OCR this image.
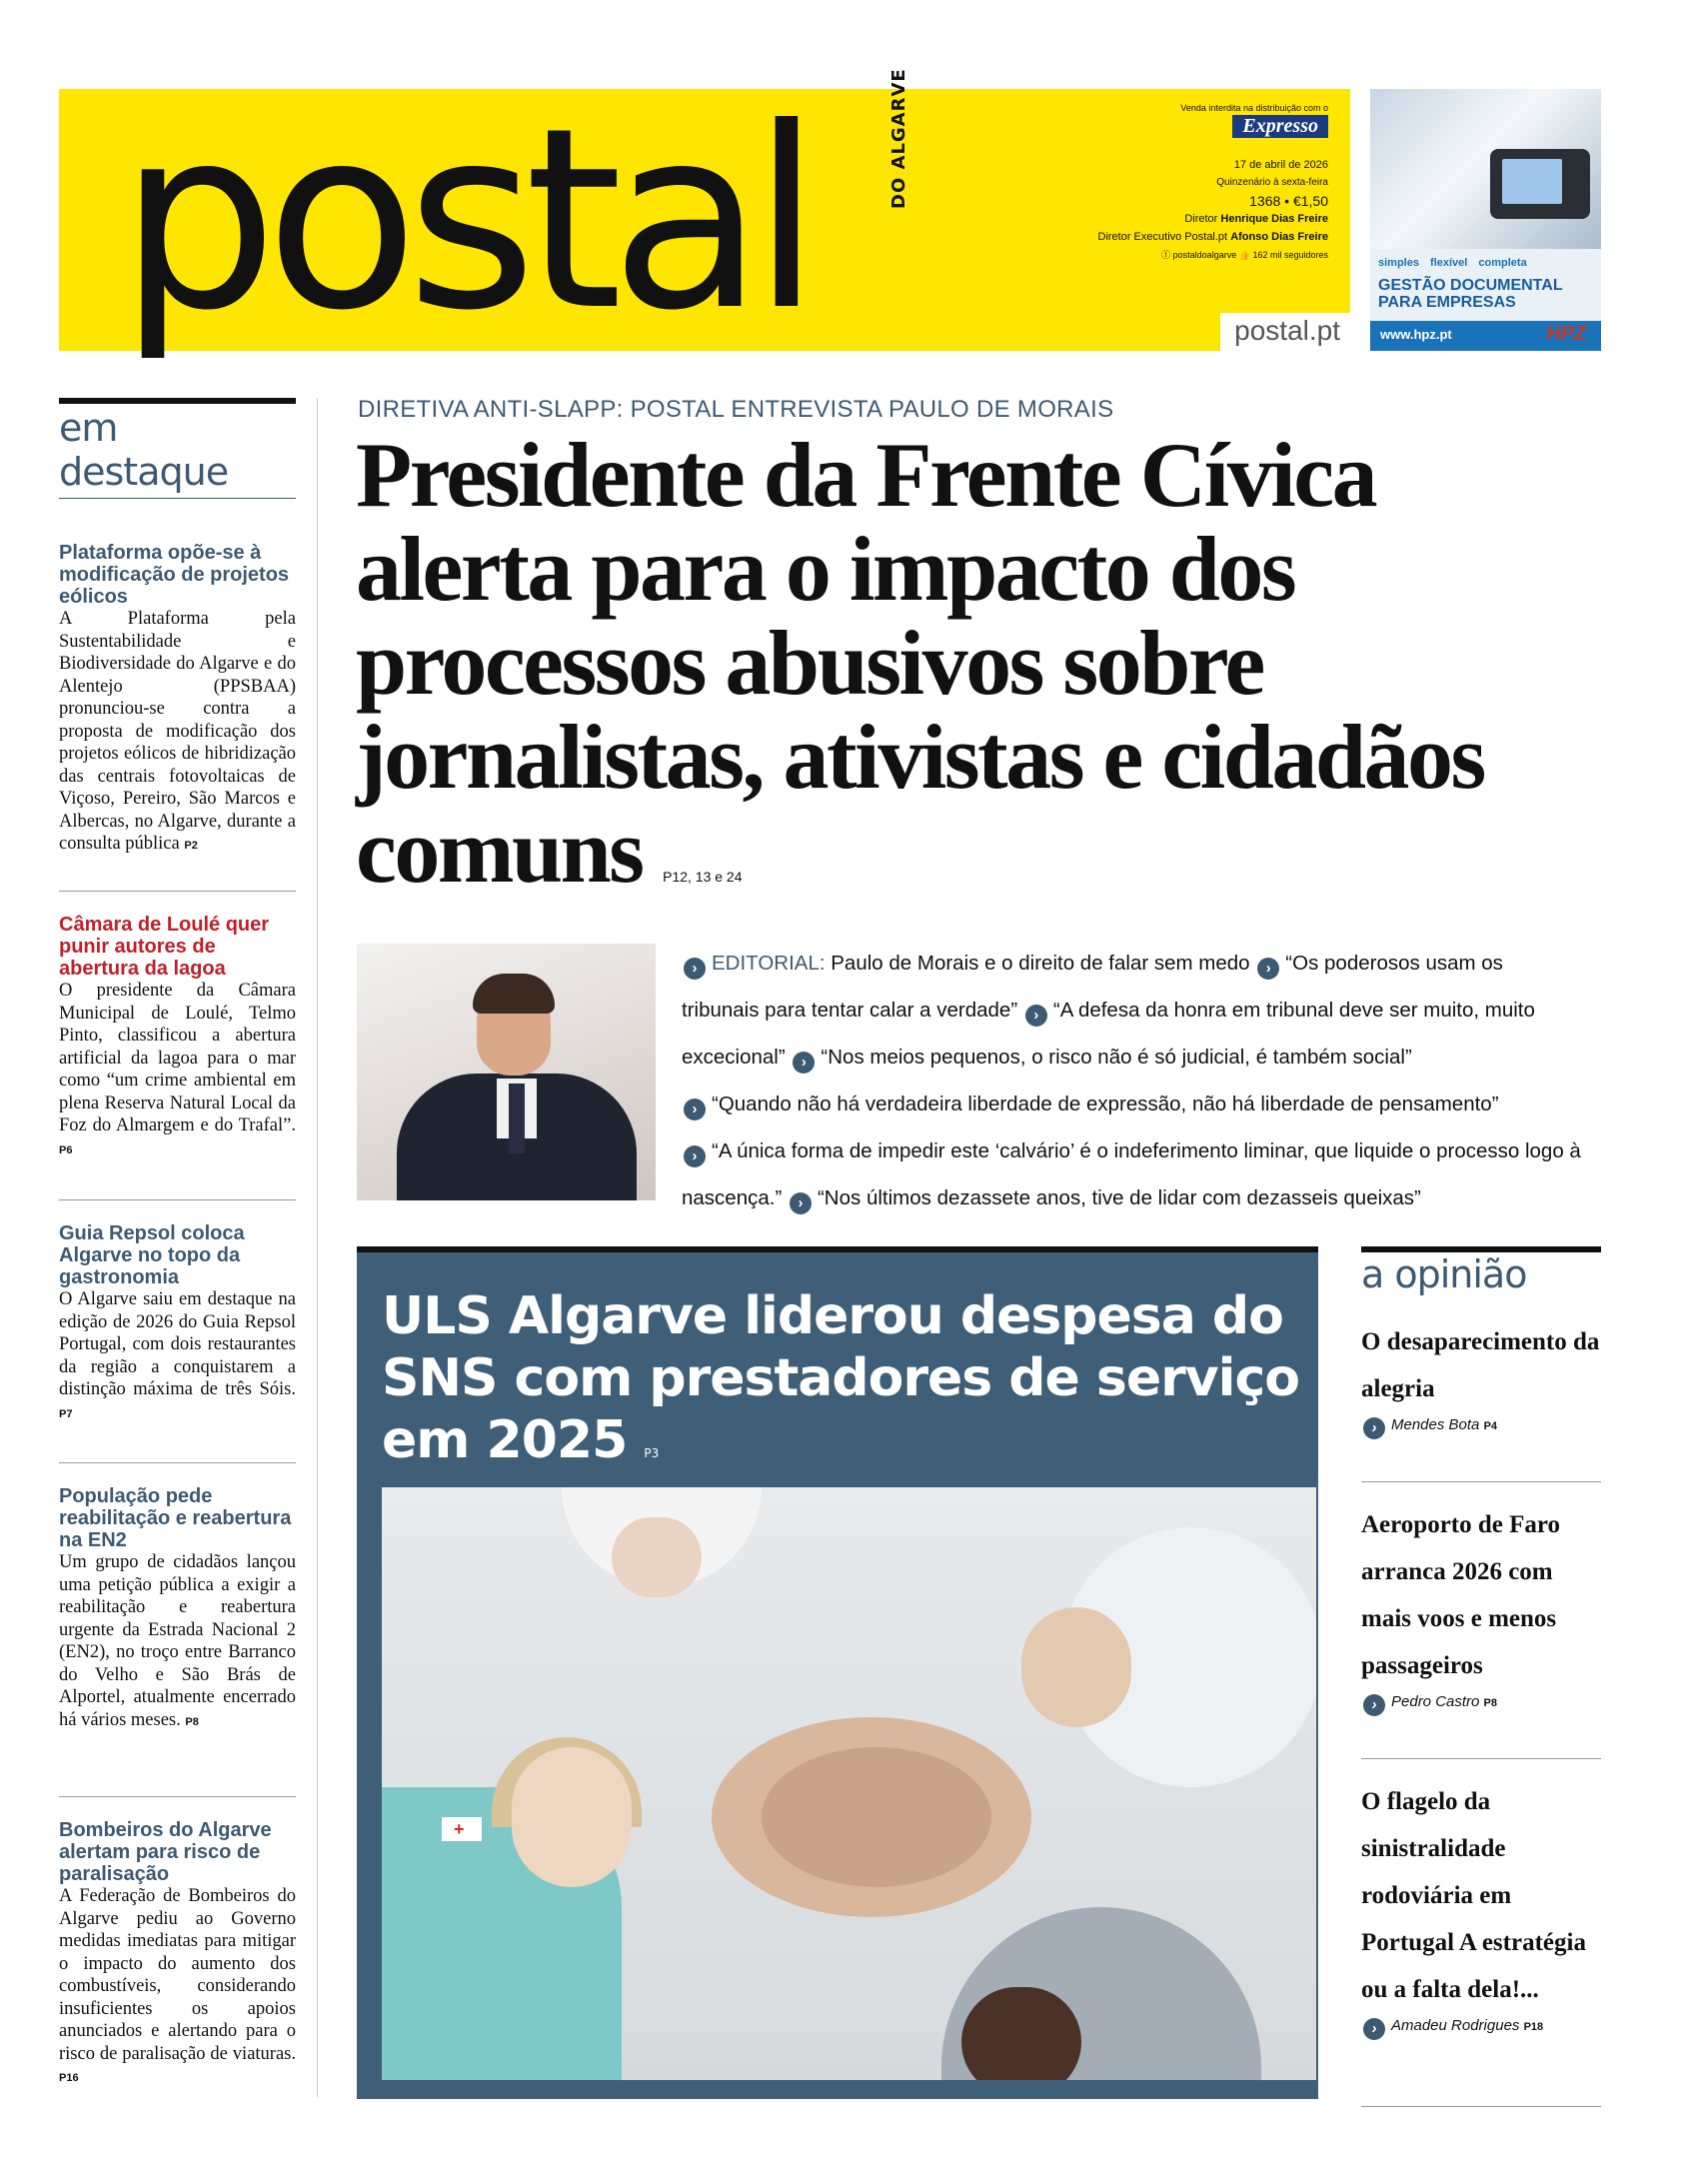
postal	DO ALGARVE	Venda interdita na distribuição com o
Expresso
17 de abril de 2026
Quinzenário à sexta-feira
1368 • €1,50
Diretor Henrique Dias Freire
Diretor Executivo Postal.pt Afonso Dias Freire
ⓕ postaldoalgarve 👍 162 mil seguidores
postal.pt
simples flexível completa
GESTÃO DOCUMENTAL PARA EMPRESAS
www.hpz.pt	HPZ
em destaque
Plataforma opõe-se à modificação de projetos eólicos

A Plataforma pela Sustentabilidade e Biodiversidade do Algarve e do Alentejo (PPSBAA) pronunciou-se contra a proposta de modificação dos projetos eólicos de hibridização das centrais fotovoltaicas de Viçoso, Pereiro, São Marcos e Albercas, no Algarve, durante a consulta pública P2

Câmara de Loulé quer punir autores de abertura da lagoa

O presidente da Câmara Municipal de Loulé, Telmo Pinto, classificou a abertura artificial da lagoa para o mar como “um crime ambiental em plena Reserva Natural Local da Foz do Almargem e do Trafal”. P6

Guia Repsol coloca Algarve no topo da gastronomia

O Algarve saiu em destaque na edição de 2026 do Guia Repsol Portugal, com dois restaurantes da região a conquistarem a distinção máxima de três Sóis. P7

População pede reabilitação e reabertura na EN2

Um grupo de cidadãos lançou uma petição pública a exigir a reabilitação e reabertura urgente da Estrada Nacional 2 (EN2), no troço entre Barranco do Velho e São Brás de Alportel, atualmente encerrado há vários meses. P8

Bombeiros do Algarve alertam para risco de paralisação

A Federação de Bombeiros do Algarve pediu ao Governo medidas imediatas para mitigar o impacto do aumento dos combustíveis, considerando insuficientes os apoios anunciados e alertando para o risco de paralisação de viaturas. P16

DIRETIVA ANTI-SLAPP: POSTAL ENTREVISTA PAULO DE MORAIS
Presidente da Frente Cívica alerta para o impacto dos processos abusivos sobre jornalistas, ativistas e cidadãos comuns P12, 13 e 24
› EDITORIAL: Paulo de Morais e o direito de falar sem medo › “Os poderosos usam os tribunais para tentar calar a verdade” › “A defesa da honra em tribunal deve ser muito, muito excecional” › “Nos meios pequenos, o risco não é só judicial, é também social”
› “Quando não há verdadeira liberdade de expressão, não há liberdade de pensamento”
› “A única forma de impedir este ‘calvário’ é o indeferimento liminar, que liquide o processo logo à nascença.” › “Nos últimos dezassete anos, tive de lidar com dezasseis queixas”
ULS Algarve liderou despesa do SNS com prestadores de serviço em 2025 P3
+
a opinião
O desaparecimento da alegria
› Mendes Bota P4
Aeroporto de Faro arranca 2026 com mais voos e menos passageiros
› Pedro Castro P8
O flagelo da sinistralidade rodoviária em Portugal A estratégia ou a falta dela!...
› Amadeu Rodrigues P18
